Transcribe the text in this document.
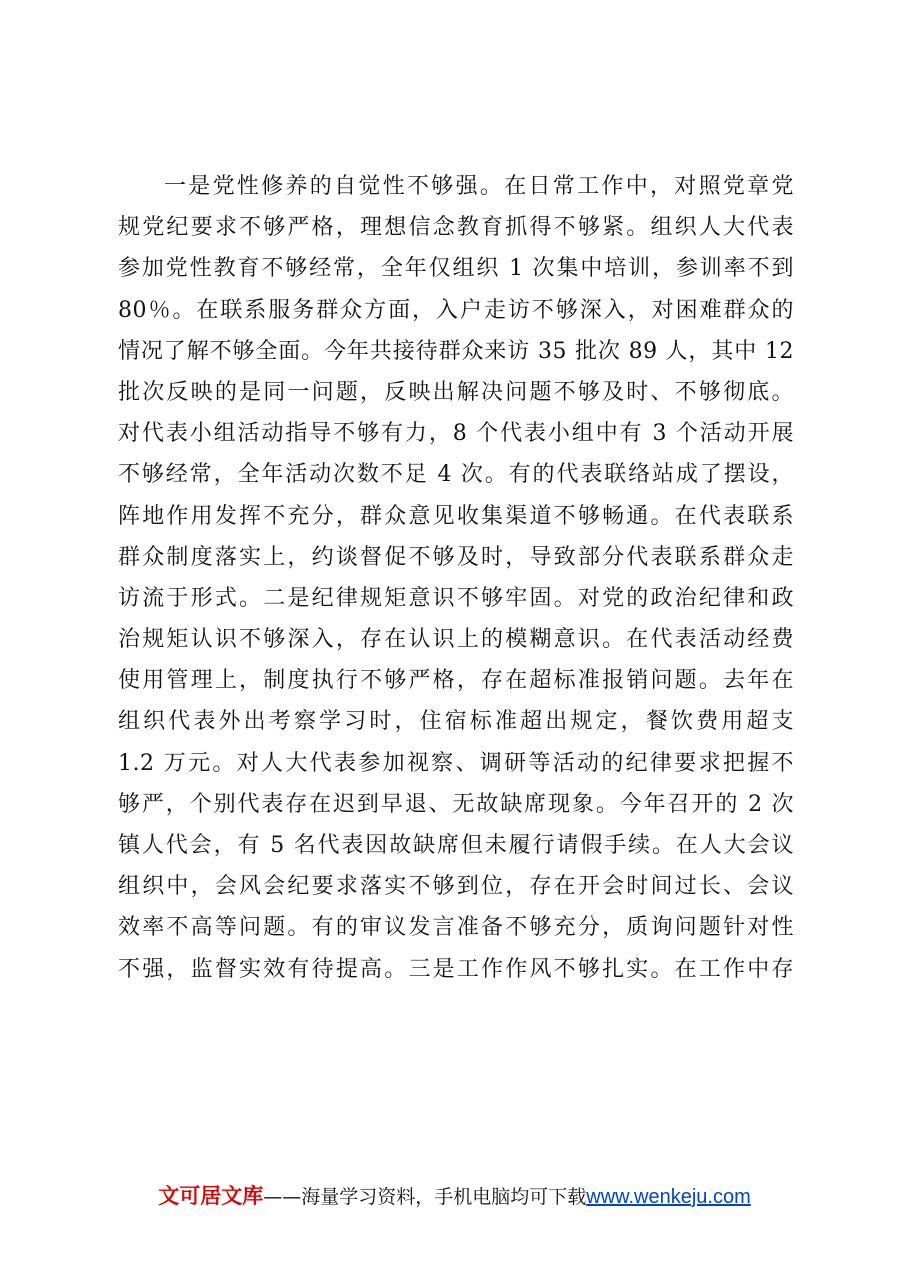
一是党性修养的自觉性不够强。在日常工作中，对照党章党
规党纪要求不够严格，理想信念教育抓得不够紧。组织人大代表
参加党性教育不够经常，全年仅组织 1 次集中培训，参训率不到
80％。在联系服务群众方面，入户走访不够深入，对困难群众的
情况了解不够全面。今年共接待群众来访 35 批次 89 人，其中 12
批次反映的是同一问题，反映出解决问题不够及时、不够彻底。
对代表小组活动指导不够有力，8 个代表小组中有 3 个活动开展
不够经常，全年活动次数不足 4 次。有的代表联络站成了摆设，
阵地作用发挥不充分，群众意见收集渠道不够畅通。在代表联系
群众制度落实上，约谈督促不够及时，导致部分代表联系群众走
访流于形式。二是纪律规矩意识不够牢固。对党的政治纪律和政
治规矩认识不够深入，存在认识上的模糊意识。在代表活动经费
使用管理上，制度执行不够严格，存在超标准报销问题。去年在
组织代表外出考察学习时，住宿标准超出规定，餐饮费用超支
1.2 万元。对人大代表参加视察、调研等活动的纪律要求把握不
够严，个别代表存在迟到早退、无故缺席现象。今年召开的 2 次
镇人代会，有 5 名代表因故缺席但未履行请假手续。在人大会议
组织中，会风会纪要求落实不够到位，存在开会时间过长、会议
效率不高等问题。有的审议发言准备不够充分，质询问题针对性
不强，监督实效有待提高。三是工作作风不够扎实。在工作中存
文可居文库——海量学习资料，手机电脑均可下载www.wenkeju.com
